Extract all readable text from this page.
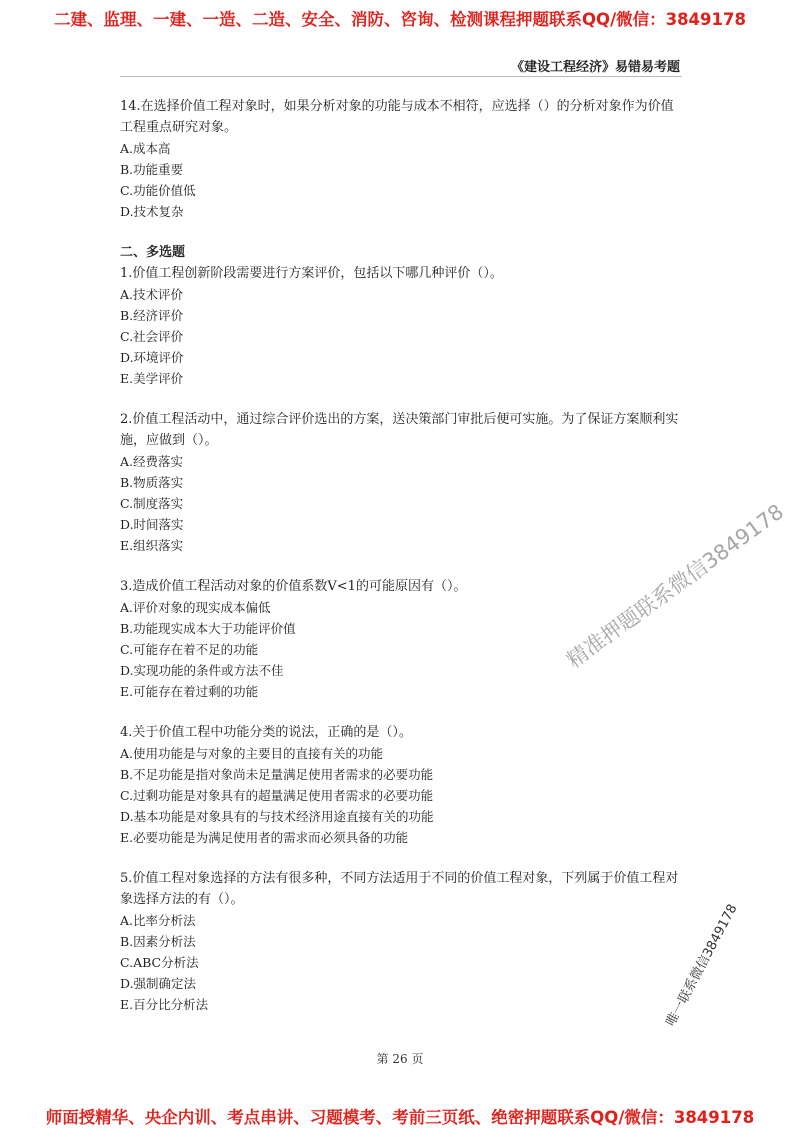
二建、监理、一建、一造、二造、安全、消防、咨询、检测课程押题联系QQ/微信：3849178
《建设工程经济》易错易考题

14.在选择价值工程对象时，如果分析对象的功能与成本不相符，应选择（）的分析对象作为价值工程重点研究对象。

A.成本高
B.功能重要
C.功能价值低
D.技术复杂

二、多选题

1.价值工程创新阶段需要进行方案评价，包括以下哪几种评价（）。

A.技术评价
B.经济评价
C.社会评价
D.环境评价
E.美学评价

2.价值工程活动中，通过综合评价选出的方案，送决策部门审批后便可实施。为了保证方案顺利实施，应做到（）。

A.经费落实
B.物质落实
C.制度落实
D.时间落实
E.组织落实

3.造成价值工程活动对象的价值系数V<1的可能原因有（）。

A.评价对象的现实成本偏低
B.功能现实成本大于功能评价值
C.可能存在着不足的功能
D.实现功能的条件或方法不佳
E.可能存在着过剩的功能

4.关于价值工程中功能分类的说法，正确的是（）。

A.使用功能是与对象的主要目的直接有关的功能
B.不足功能是指对象尚未足量满足使用者需求的必要功能
C.过剩功能是对象具有的超量满足使用者需求的必要功能
D.基本功能是对象具有的与技术经济用途直接有关的功能
E.必要功能是为满足使用者的需求而必须具备的功能

5.价值工程对象选择的方法有很多种，不同方法适用于不同的价值工程对象，下列属于价值工程对象选择方法的有（）。

A.比率分析法
B.因素分析法
C.ABC分析法
D.强制确定法
E.百分比分析法
精准押题联系微信3849178
唯一联系微信3849178
第 26 页
师面授精华、央企内训、考点串讲、习题模考、考前三页纸、绝密押题联系QQ/微信：3849178
